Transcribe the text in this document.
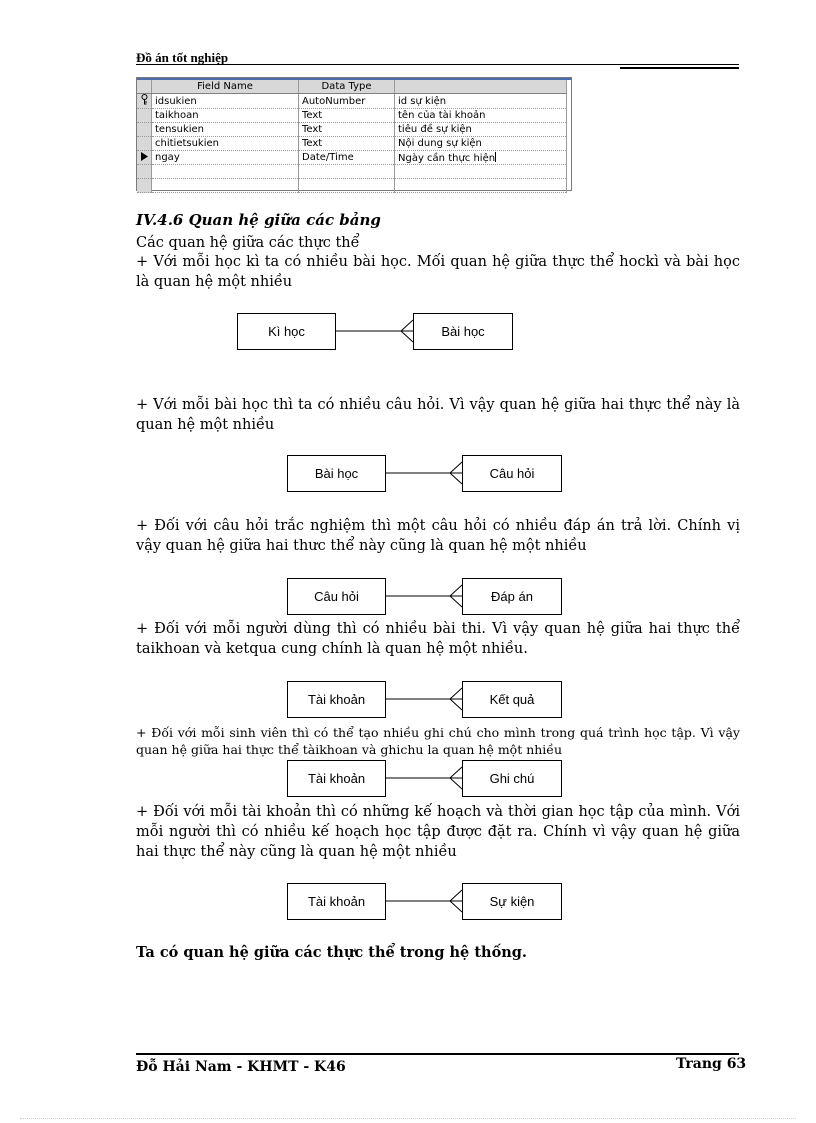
Đồ án tốt nghiệp
	Field Name	Data Type	
	idsukien	AutoNumber	id sự kiện
	taikhoan	Text	tên của tài khoản
	tensukien	Text	tiêu đề sự kiện
	chitietsukien	Text	Nội dung sự kiện
	ngay	Date/Time	Ngày cần thực hiện

IV.4.6 Quan hệ giữa các bảng
Các quan hệ giữa các thực thể
+ Với mỗi học kì ta có nhiều bài học. Mối quan hệ giữa thực thể hockì và bài học là quan hệ một nhiều
Kì học	Bài học
+ Với mỗi bài học thì ta có nhiều câu hỏi. Vì vậy quan hệ giữa hai thực thể này là quan hệ một nhiều
Bài học	Câu hỏi
+ Đối với câu hỏi trắc nghiệm thì một câu hỏi có nhiều đáp án trả lời. Chính vị vậy quan hệ giữa hai thưc thể này cũng là quan hệ một nhiều
Câu hỏi	Đáp án
+ Đối với mỗi người dùng thì có nhiều bài thi. Vì vậy quan hệ giữa hai thực thể taikhoan và ketqua cung chính là quan hệ một nhiều.
Tài khoản	Kết quả
+ Đối với mỗi sinh viên thì có thể tạo nhiều ghi chú cho mình trong quá trình học tập. Vì vậy quan hệ giữa hai thực thể tàikhoan và ghichu la quan hệ một nhiều
Tài khoản	Ghi chú
+ Đối với mỗi tài khoản thì có những kế hoạch và thời gian học tập của mình. Với mỗi người thì có nhiều kế hoạch học tập được đặt ra. Chính vì vậy quan hệ giữa hai thực thể này cũng là quan hệ một nhiều
Tài khoản	Sự kiện
Ta có quan hệ giữa các thực thể trong hệ thống.
Đỗ Hải Nam - KHMT - K46	Trang 63
